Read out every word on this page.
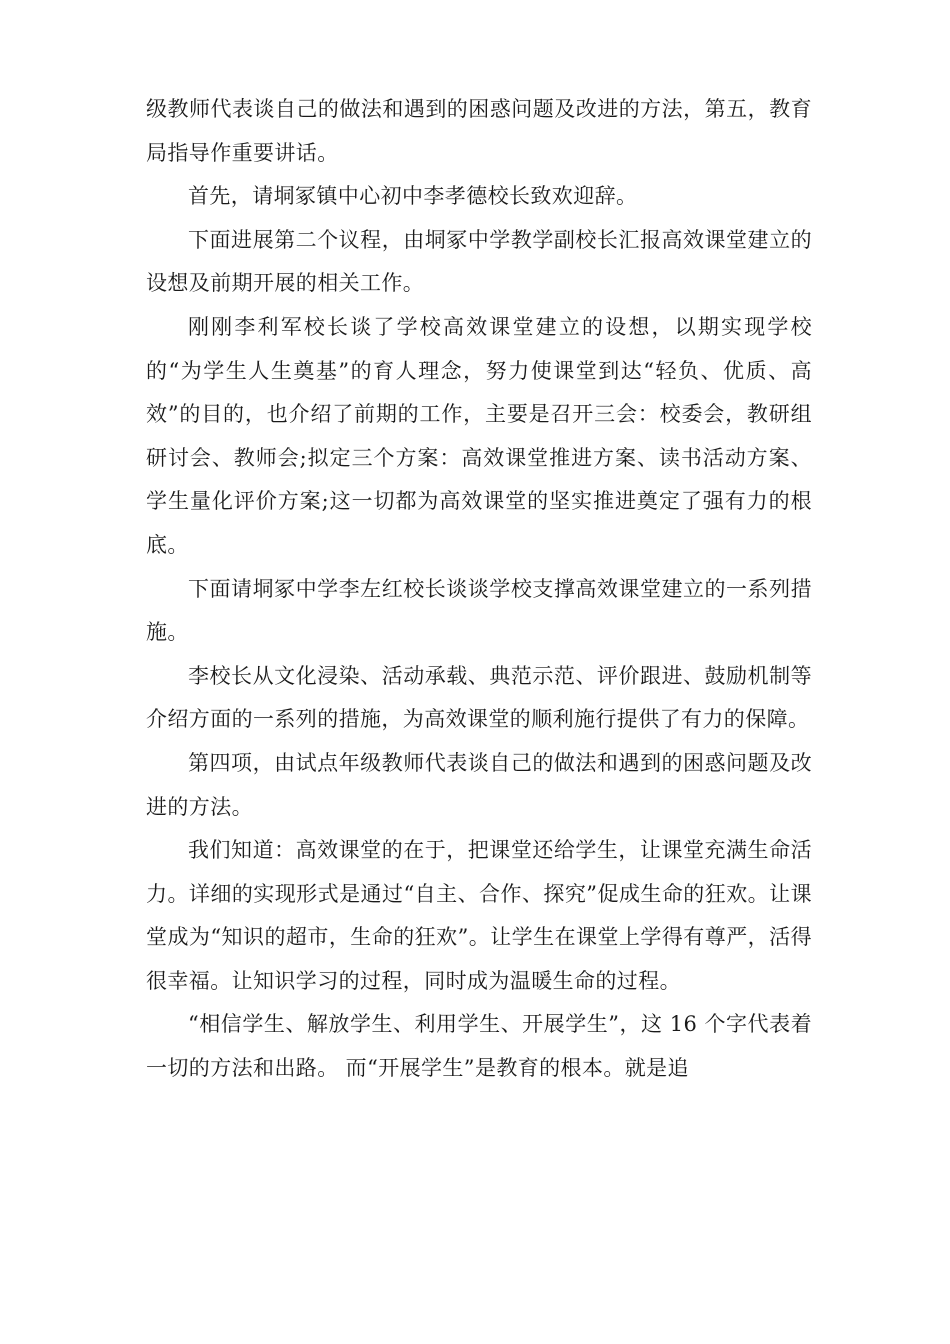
级教师代表谈自己的做法和遇到的困惑问题及改进的方法，第五，教育局指导作重要讲话。

首先，请垌冢镇中心初中李孝德校长致欢迎辞。

下面进展第二个议程，由垌冢中学教学副校长汇报高效课堂建立的设想及前期开展的相关工作。

刚刚李利军校长谈了学校高效课堂建立的设想，以期实现学校的“为学生人生奠基”的育人理念，努力使课堂到达“轻负、优质、高效”的目的，也介绍了前期的工作，主要是召开三会：校委会，教研组研讨会、教师会;拟定三个方案：高效课堂推进方案、读书活动方案、学生量化评价方案;这一切都为高效课堂的坚实推进奠定了强有力的根底。

下面请垌冢中学李左红校长谈谈学校支撑高效课堂建立的一系列措施。

李校长从文化浸染、活动承载、典范示范、评价跟进、鼓励机制等介绍方面的一系列的措施，为高效课堂的顺利施行提供了有力的保障。

第四项，由试点年级教师代表谈自己的做法和遇到的困惑问题及改进的方法。

我们知道：高效课堂的在于，把课堂还给学生，让课堂充满生命活力。详细的实现形式是通过“自主、合作、探究”促成生命的狂欢。让课堂成为“知识的超市，生命的狂欢”。让学生在课堂上学得有尊严，活得很幸福。让知识学习的过程，同时成为温暖生命的过程。

“相信学生、解放学生、利用学生、开展学生”，这 16 个字代表着一切的方法和出路。 而“开展学生”是教育的根本。就是追
